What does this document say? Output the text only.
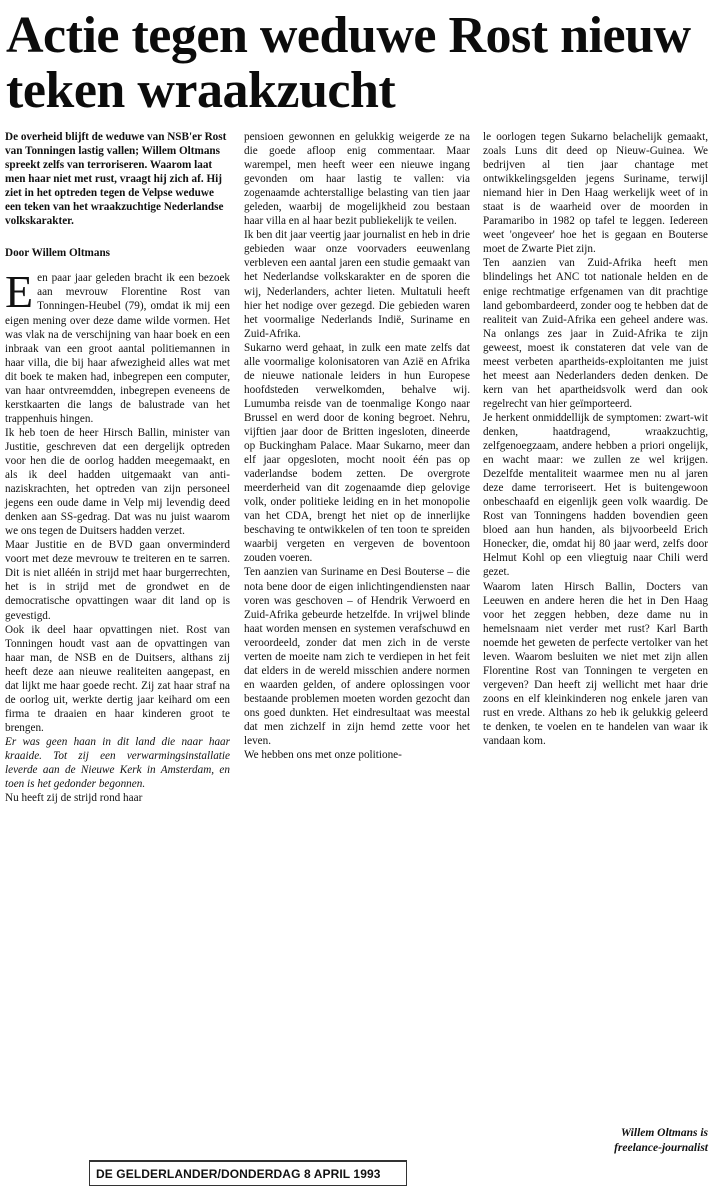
Actie tegen weduwe Rost nieuw teken wraakzucht

De overheid blijft de weduwe van NSB'er Rost van Tonningen lastig vallen; Willem Oltmans spreekt zelfs van terroriseren. Waarom laat men haar niet met rust, vraagt hij zich af. Hij ziet in het optreden tegen de Velpse weduwe een teken van het wraakzuchtige Nederlandse volkskarakter.

Door Willem Oltmans

Een paar jaar geleden bracht ik een bezoek aan mevrouw Florentine Rost van Tonningen-Heubel (79), omdat ik mij een eigen mening over deze dame wilde vormen. Het was vlak na de verschijning van haar boek en een inbraak van een groot aantal politiemannen in haar villa, die bij haar afwezigheid alles wat met dit boek te maken had, inbegrepen een computer, van haar ontvreemdden, inbegrepen eveneens de kerstkaarten die langs de balustrade van het trappenhuis hingen.

Ik heb toen de heer Hirsch Ballin, minister van Justitie, geschreven dat een dergelijk optreden voor hen die de oorlog hadden meegemaakt, en als ik deel hadden uitgemaakt van anti-naziskrachten, het optreden van zijn personeel jegens een oude dame in Velp mij levendig deed denken aan SS-gedrag. Dat was nu juist waarom we ons tegen de Duitsers hadden verzet.

Maar Justitie en de BVD gaan onverminderd voort met deze mevrouw te treiteren en te sarren. Dit is niet alléén in strijd met haar burgerrechten, het is in strijd met de grondwet en de democratische opvattingen waar dit land op is gevestigd.

Ook ik deel haar opvattingen niet. Rost van Tonningen houdt vast aan de opvattingen van haar man, de NSB en de Duitsers, althans zij heeft deze aan nieuwe realiteiten aangepast, en dat lijkt me haar goede recht. Zij zat haar straf na de oorlog uit, werkte dertig jaar keihard om een firma te draaien en haar kinderen groot te brengen.

Er was geen haan in dit land die naar haar kraaide. Tot zij een verwarmingsinstallatie leverde aan de Nieuwe Kerk in Amsterdam, en toen is het gedonder begonnen.

Nu heeft zij de strijd rond haar

pensioen gewonnen en gelukkig weigerde ze na die goede afloop enig commentaar. Maar warempel, men heeft weer een nieuwe ingang gevonden om haar lastig te vallen: via zogenaamde achterstallige belasting van tien jaar geleden, waarbij de mogelijkheid zou bestaan haar villa en al haar bezit publiekelijk te veilen.

Ik ben dit jaar veertig jaar journalist en heb in drie gebieden waar onze voorvaders eeuwenlang verbleven een aantal jaren een studie gemaakt van het Nederlandse volkskarakter en de sporen die wij, Nederlanders, achter lieten. Multatuli heeft hier het nodige over gezegd. Die gebieden waren het voormalige Nederlands Indië, Suriname en Zuid-Afrika.

Sukarno werd gehaat, in zulk een mate zelfs dat alle voormalige kolonisatoren van Azië en Afrika de nieuwe nationale leiders in hun Europese hoofdsteden verwelkomden, behalve wij. Lumumba reisde van de toenmalige Kongo naar Brussel en werd door de koning begroet. Nehru, vijftien jaar door de Britten ingesloten, dineerde op Buckingham Palace. Maar Sukarno, meer dan elf jaar opgesloten, mocht nooit één pas op vaderlandse bodem zetten. De overgrote meerderheid van dit zogenaamde diep gelovige volk, onder politieke leiding en in het monopolie van het CDA, brengt het niet op de innerlijke beschaving te ontwikkelen of ten toon te spreiden waarbij vergeten en vergeven de boventoon zouden voeren.

Ten aanzien van Suriname en Desi Bouterse – die nota bene door de eigen inlichtingendiensten naar voren was geschoven – of Hendrik Verwoerd en Zuid-Afrika gebeurde hetzelfde. In vrijwel blinde haat worden mensen en systemen verafschuwd en veroordeeld, zonder dat men zich in de verste verten de moeite nam zich te verdiepen in het feit dat elders in de wereld misschien andere normen en waarden gelden, of andere oplossingen voor bestaande problemen moeten worden gezocht dan ons goed dunkten. Het eindresultaat was meestal dat men zichzelf in zijn hemd zette voor het leven.

We hebben ons met onze politione-

le oorlogen tegen Sukarno belachelijk gemaakt, zoals Luns dit deed op Nieuw-Guinea. We bedrijven al tien jaar chantage met ontwikkelingsgelden jegens Suriname, terwijl niemand hier in Den Haag werkelijk weet of in staat is de waarheid over de moorden in Paramaribo in 1982 op tafel te leggen. Iedereen weet 'ongeveer' hoe het is gegaan en Bouterse moet de Zwarte Piet zijn.

Ten aanzien van Zuid-Afrika heeft men blindelings het ANC tot nationale helden en de enige rechtmatige erfgenamen van dit prachtige land gebombardeerd, zonder oog te hebben dat de realiteit van Zuid-Afrika een geheel andere was. Na onlangs zes jaar in Zuid-Afrika te zijn geweest, moest ik constateren dat vele van de meest verbeten apartheids-exploitanten me juist het meest aan Nederlanders deden denken. De kern van het apartheidsvolk werd dan ook regelrecht van hier geïmporteerd.

Je herkent onmiddellijk de symptomen: zwart-wit denken, haatdragend, wraakzuchtig, zelfgenoegzaam, andere hebben a priori ongelijk, en wacht maar: we zullen ze wel krijgen. Dezelfde mentaliteit waarmee men nu al jaren deze dame terroriseert. Het is buitengewoon onbeschaafd en eigenlijk geen volk waardig. De Rost van Tonningens hadden bovendien geen bloed aan hun handen, als bijvoorbeeld Erich Honecker, die, omdat hij 80 jaar werd, zelfs door Helmut Kohl op een vliegtuig naar Chili werd gezet.

Waarom laten Hirsch Ballin, Docters van Leeuwen en andere heren die het in Den Haag voor het zeggen hebben, deze dame nu in hemelsnaam niet verder met rust? Karl Barth noemde het geweten de perfecte vertolker van het leven. Waarom besluiten we niet met zijn allen Florentine Rost van Tonningen te vergeten en vergeven? Dan heeft zij wellicht met haar drie zoons en elf kleinkinderen nog enkele jaren van rust en vrede. Althans zo heb ik gelukkig geleerd te denken, te voelen en te handelen van waar ik vandaan kom.

Willem Oltmans is
freelance-journalist
DE GELDERLANDER/DONDERDAG 8 APRIL 1993
